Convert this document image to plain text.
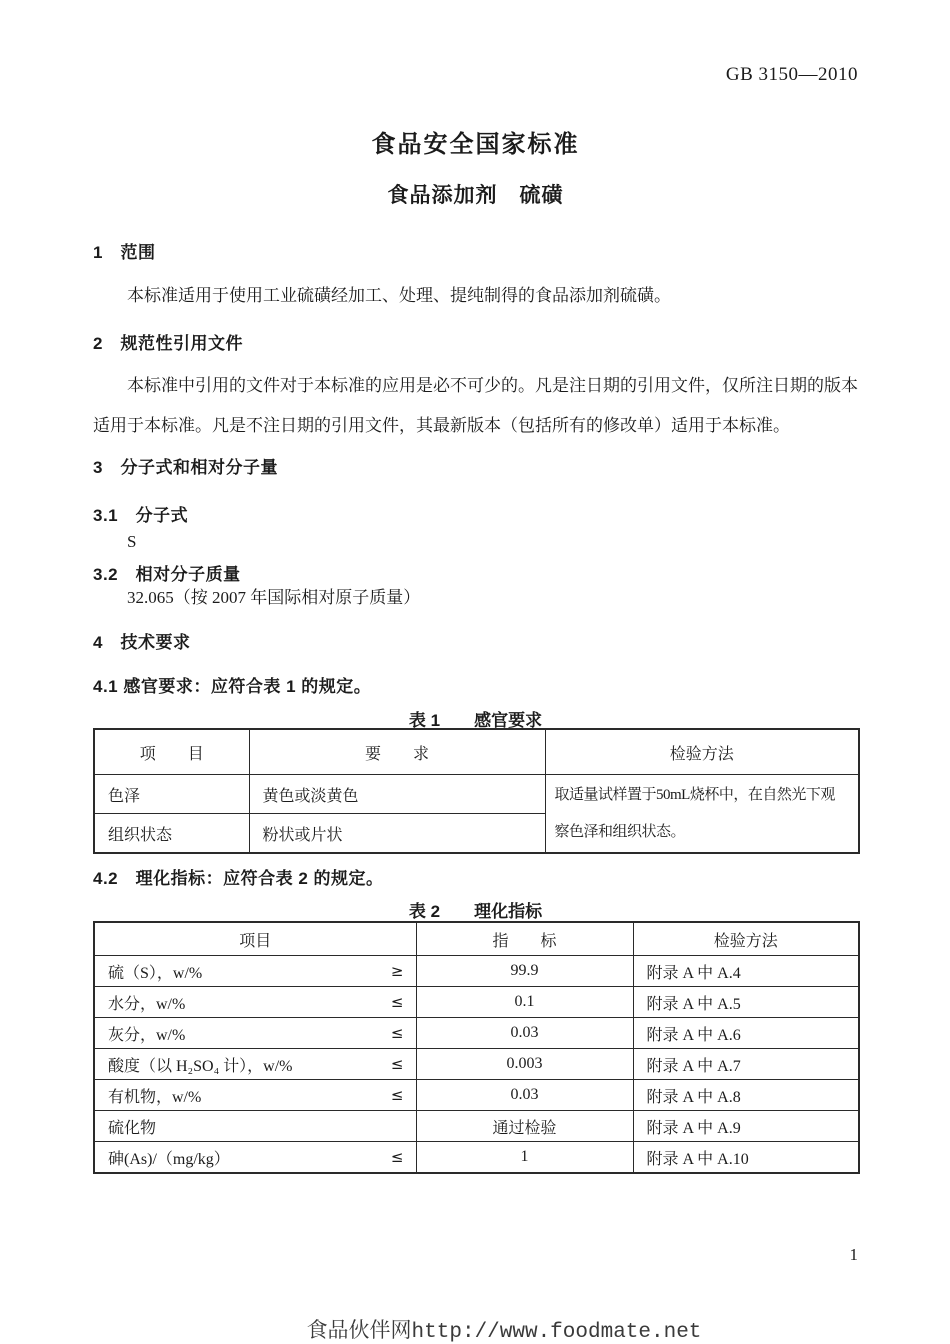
GB 3150—2010
食品安全国家标准
食品添加剂　硫磺
1　范围
本标准适用于使用工业硫磺经加工、处理、提纯制得的食品添加剂硫磺。
2　规范性引用文件
本标准中引用的文件对于本标准的应用是必不可少的。凡是注日期的引用文件，仅所注日期的版本适用于本标准。凡是不注日期的引用文件，其最新版本（包括所有的修改单）适用于本标准。
3　分子式和相对分子量
3.1　分子式
S
3.2　相对分子质量
32.065（按 2007 年国际相对原子质量）
4　技术要求
4.1 感官要求：应符合表 1 的规定。
表 1　　感官要求
项　　目	要　　求	检验方法
色泽	黄色或淡黄色	取适量试样置于50mL烧杯中，在自然光下观察色泽和组织状态。
组织状态	粉状或片状	
4.2　理化指标：应符合表 2 的规定。
表 2　　理化指标
项目	指　　标	检验方法

硫（S），w/% ≥	99.9	附录 A 中 A.4

水分，w/% ≤	0.1	附录 A 中 A.5

灰分，w/% ≤	0.03	附录 A 中 A.6

酸度（以 H₂SO₄ 计），w/% ≤	0.003	附录 A 中 A.7

有机物，w/% ≤	0.03	附录 A 中 A.8

硫化物	通过检验	附录 A 中 A.9

砷(As)/（mg/kg） ≤	1	附录 A 中 A.10
1
食品伙伴网http://www.foodmate.net
